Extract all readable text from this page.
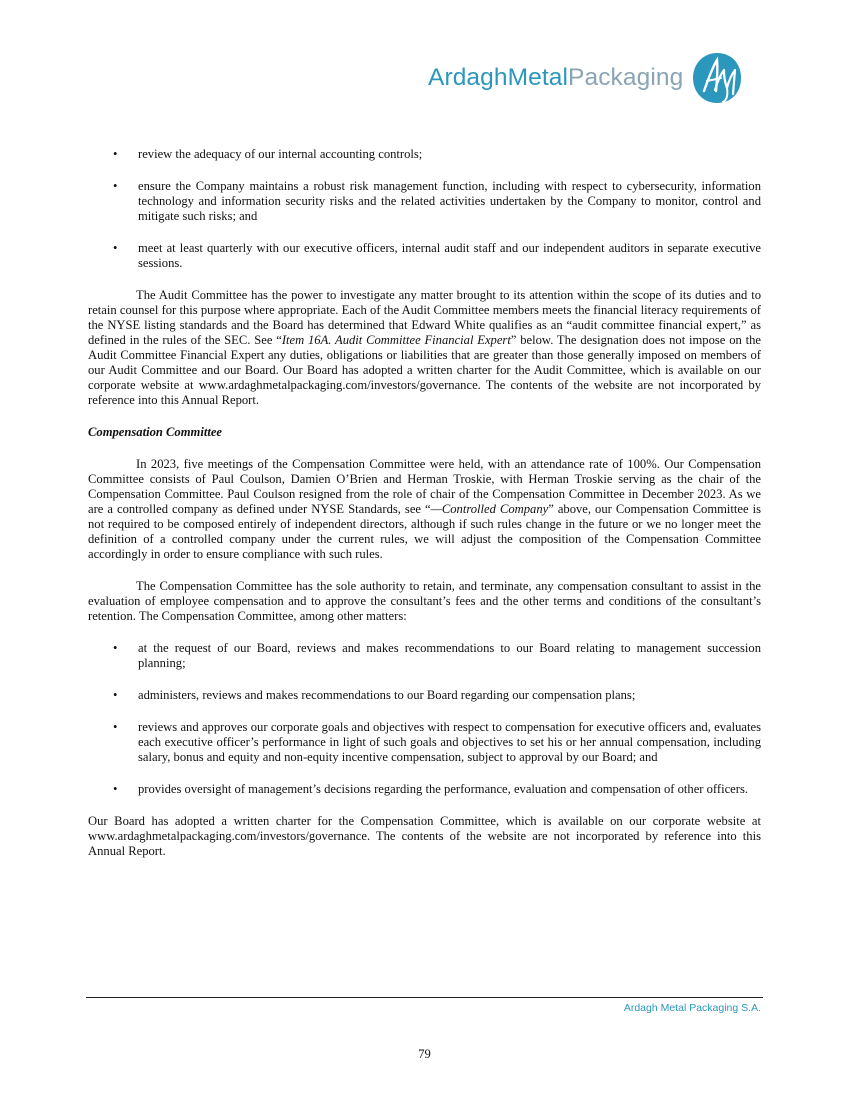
ArdaghMetalPackaging
• review the adequacy of our internal accounting controls;
• ensure the Company maintains a robust risk management function, including with respect to cybersecurity, information technology and information security risks and the related activities undertaken by the Company to monitor, control and mitigate such risks; and
• meet at least quarterly with our executive officers, internal audit staff and our independent auditors in separate executive sessions.

The Audit Committee has the power to investigate any matter brought to its attention within the scope of its duties and to retain counsel for this purpose where appropriate. Each of the Audit Committee members meets the financial literacy requirements of the NYSE listing standards and the Board has determined that Edward White qualifies as an “audit committee financial expert,” as defined in the rules of the SEC. See “Item 16A. Audit Committee Financial Expert” below. The designation does not impose on the Audit Committee Financial Expert any duties, obligations or liabilities that are greater than those generally imposed on members of our Audit Committee and our Board. Our Board has adopted a written charter for the Audit Committee, which is available on our corporate website at www.ardaghmetalpackaging.com/investors/governance. The contents of the website are not incorporated by reference into this Annual Report.

Compensation Committee

In 2023, five meetings of the Compensation Committee were held, with an attendance rate of 100%. Our Compensation Committee consists of Paul Coulson, Damien O’Brien and Herman Troskie, with Herman Troskie serving as the chair of the Compensation Committee. Paul Coulson resigned from the role of chair of the Compensation Committee in December 2023. As we are a controlled company as defined under NYSE Standards, see “—Controlled Company” above, our Compensation Committee is not required to be composed entirely of independent directors, although if such rules change in the future or we no longer meet the definition of a controlled company under the current rules, we will adjust the composition of the Compensation Committee accordingly in order to ensure compliance with such rules.

The Compensation Committee has the sole authority to retain, and terminate, any compensation consultant to assist in the evaluation of employee compensation and to approve the consultant’s fees and the other terms and conditions of the consultant’s retention. The Compensation Committee, among other matters:

• at the request of our Board, reviews and makes recommendations to our Board relating to management succession planning;
• administers, reviews and makes recommendations to our Board regarding our compensation plans;
• reviews and approves our corporate goals and objectives with respect to compensation for executive officers and, evaluates each executive officer’s performance in light of such goals and objectives to set his or her annual compensation, including salary, bonus and equity and non-equity incentive compensation, subject to approval by our Board; and
• provides oversight of management’s decisions regarding the performance, evaluation and compensation of other officers.

Our Board has adopted a written charter for the Compensation Committee, which is available on our corporate website at www.ardaghmetalpackaging.com/investors/governance. The contents of the website are not incorporated by reference into this Annual Report.

Ardagh Metal Packaging S.A.
79
